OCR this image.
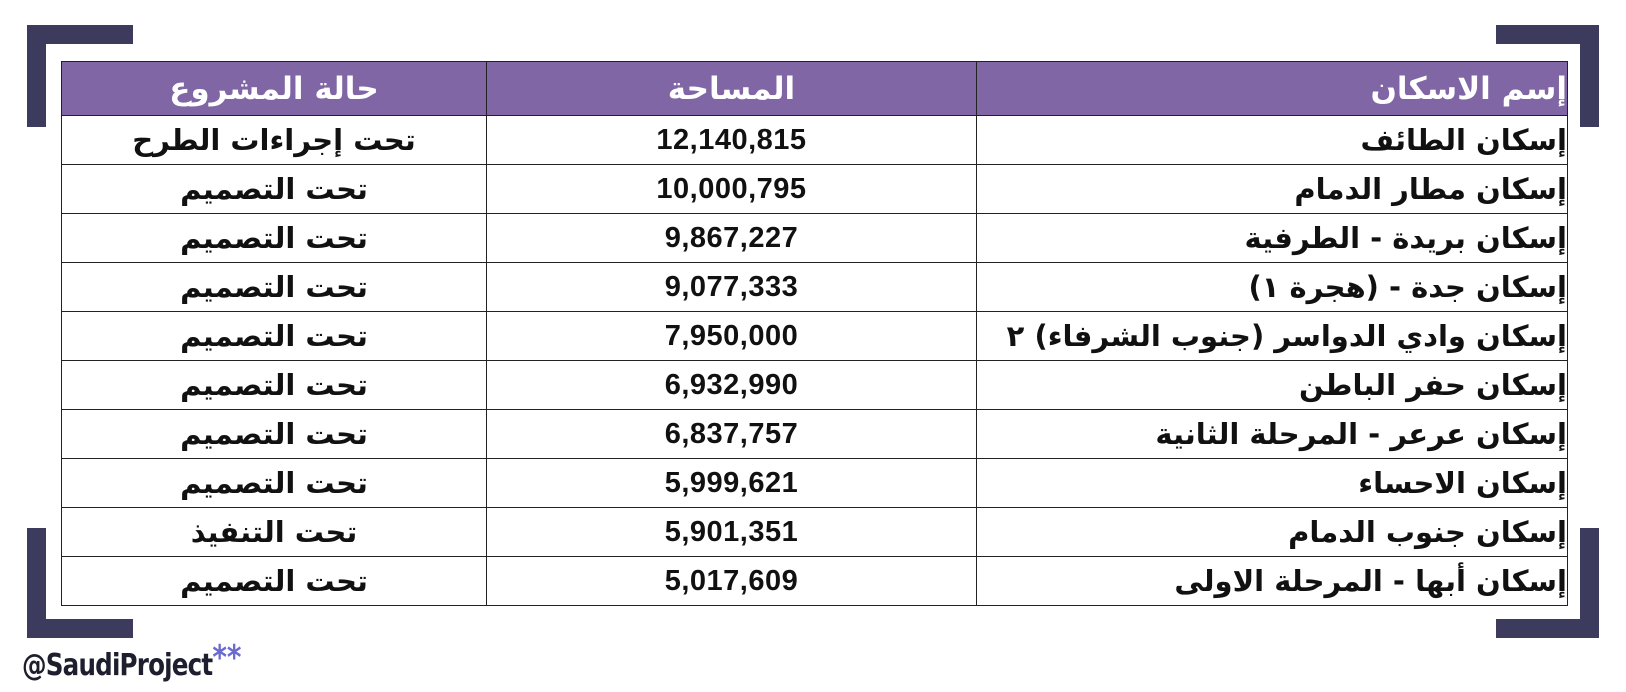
إسم الاسكان	المساحة	حالة المشروع
إسكان الطائف	12,140,815	تحت إجراءات الطرح
إسكان مطار الدمام	10,000,795	تحت التصميم
إسكان بريدة - الطرفية	9,867,227	تحت التصميم
إسكان جدة - (هجرة ١)	9,077,333	تحت التصميم
إسكان وادي الدواسر (جنوب الشرفاء) ٢	7,950,000	تحت التصميم
إسكان حفر الباطن	6,932,990	تحت التصميم
إسكان عرعر - المرحلة الثانية	6,837,757	تحت التصميم
إسكان الاحساء	5,999,621	تحت التصميم
إسكان جنوب الدمام	5,901,351	تحت التنفيذ
إسكان أبها - المرحلة الاولى	5,017,609	تحت التصميم
@SaudiProject**
